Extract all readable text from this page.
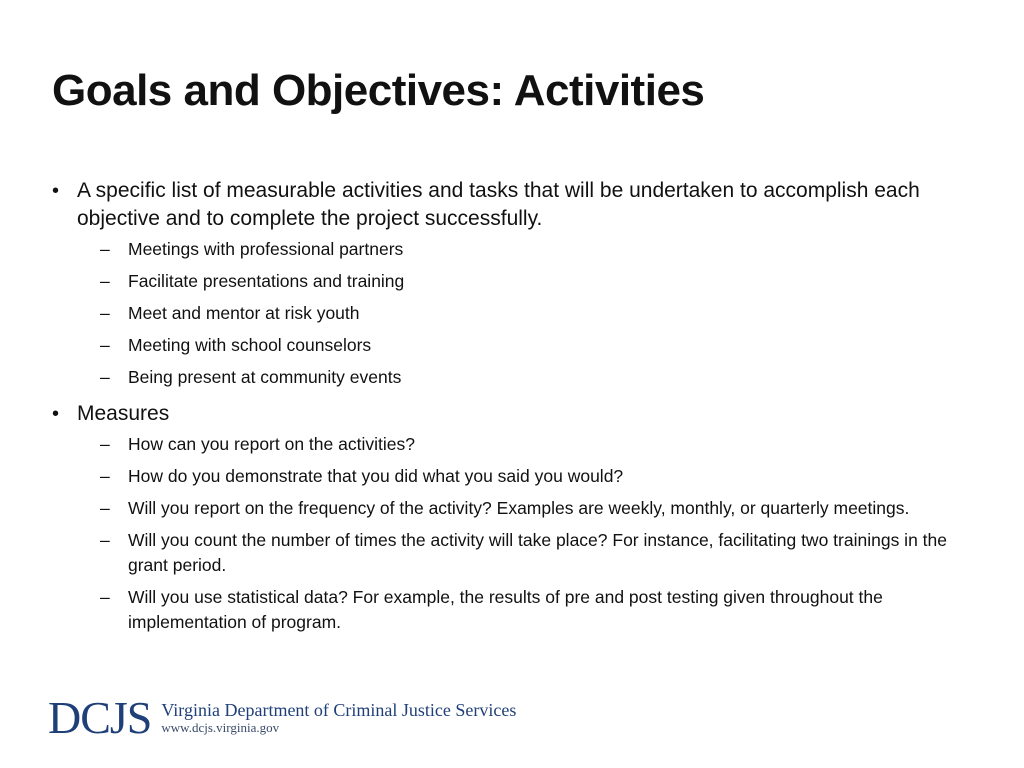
Goals and Objectives: Activities
• A specific list of measurable activities and tasks that will be undertaken to accomplish each objective and to complete the project successfully.
– Meetings with professional partners
– Facilitate presentations and training
– Meet and mentor at risk youth
– Meeting with school counselors
– Being present at community events
• Measures
– How can you report on the activities?
– How do you demonstrate that you did what you said you would?
– Will you report on the frequency of the activity? Examples are weekly, monthly, or quarterly meetings.
– Will you count the number of times the activity will take place? For instance, facilitating two trainings in the grant period.
– Will you use statistical data? For example, the results of pre and post testing given throughout the implementation of program.
DCJS Virginia Department of Criminal Justice Services
www.dcjs.virginia.gov
